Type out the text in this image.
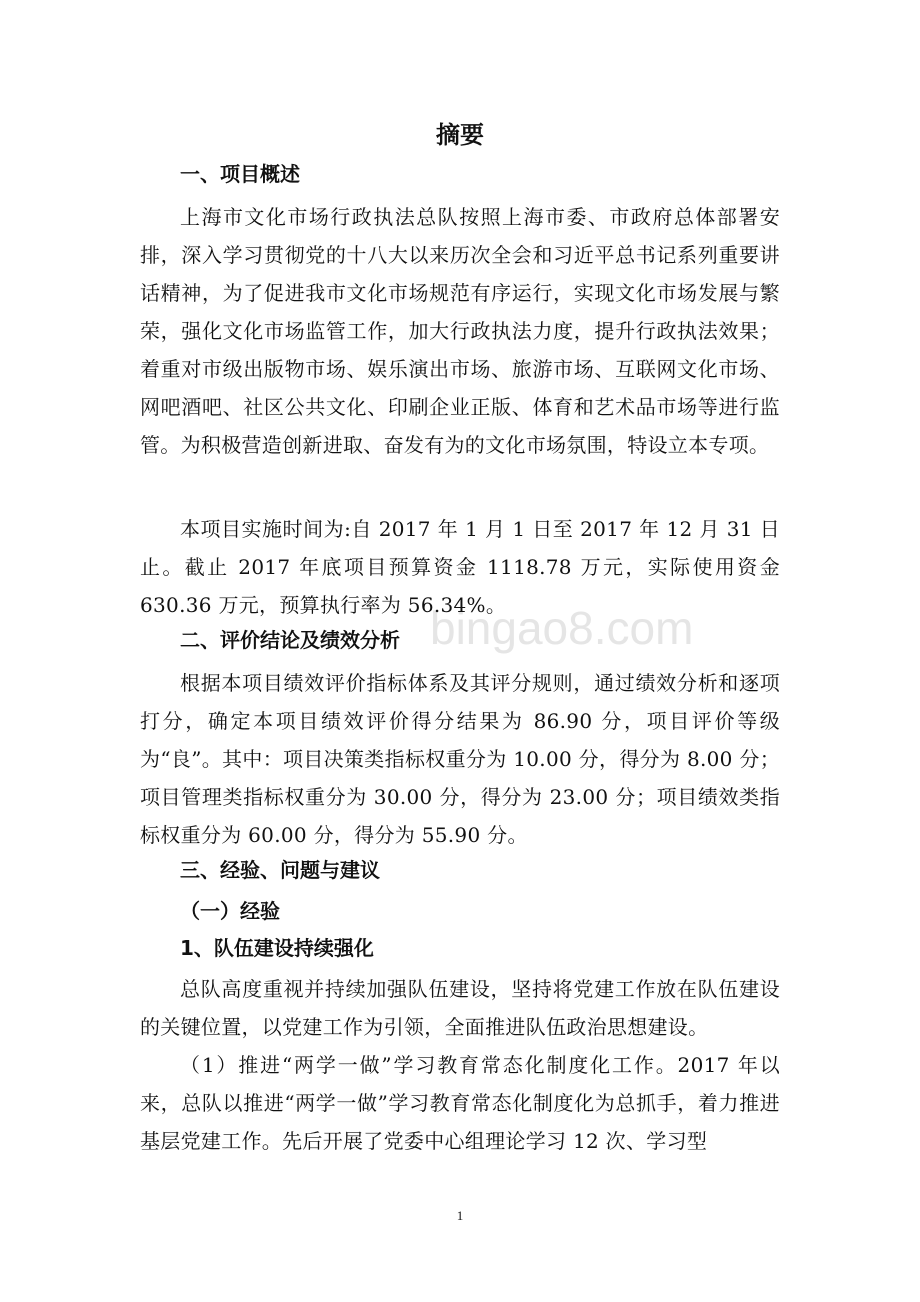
bingao8.com
摘要
一、项目概述
上海市文化市场行政执法总队按照上海市委、市政府总体部署安排，深入学习贯彻党的十八大以来历次全会和习近平总书记系列重要讲话精神，为了促进我市文化市场规范有序运行，实现文化市场发展与繁荣，强化文化市场监管工作，加大行政执法力度，提升行政执法效果；着重对市级出版物市场、娱乐演出市场、旅游市场、互联网文化市场、网吧酒吧、社区公共文化、印刷企业正版、体育和艺术品市场等进行监管。为积极营造创新进取、奋发有为的文化市场氛围，特设立本专项。
本项目实施时间为:自 2017 年 1 月 1 日至 2017 年 12 月 31 日止。截止 2017 年底项目预算资金 1118.78 万元，实际使用资金 630.36 万元，预算执行率为 56.34%。
二、评价结论及绩效分析
根据本项目绩效评价指标体系及其评分规则，通过绩效分析和逐项打分，确定本项目绩效评价得分结果为 86.90 分，项目评价等级为“良”。其中：项目决策类指标权重分为 10.00 分，得分为 8.00 分；项目管理类指标权重分为 30.00 分，得分为 23.00 分；项目绩效类指标权重分为 60.00 分，得分为 55.90 分。
三、经验、问题与建议
（一）经验
1、队伍建设持续强化
总队高度重视并持续加强队伍建设，坚持将党建工作放在队伍建设的关键位置，以党建工作为引领，全面推进队伍政治思想建设。
（1）推进“两学一做”学习教育常态化制度化工作。2017 年以来，总队以推进“两学一做”学习教育常态化制度化为总抓手，着力推进基层党建工作。先后开展了党委中心组理论学习 12 次、学习型
1
